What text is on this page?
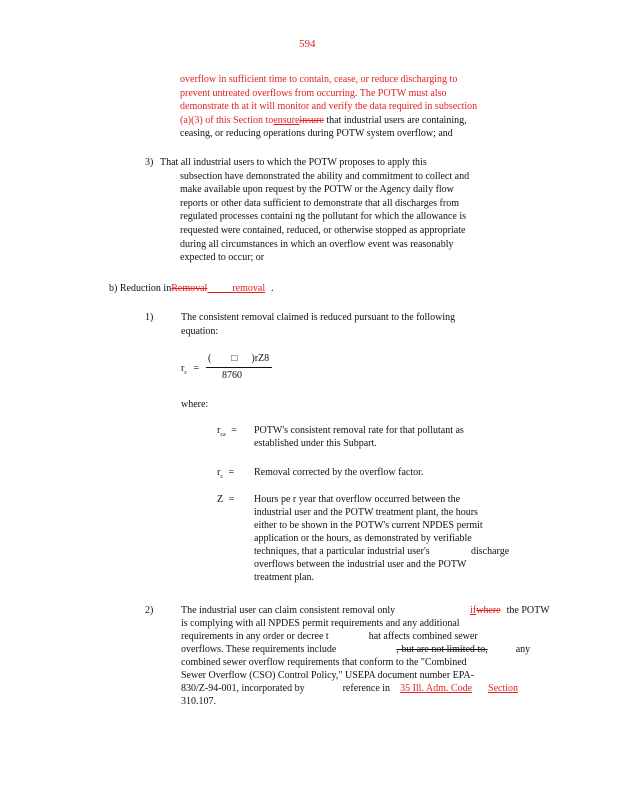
594
overflow in sufficient time to contain, cease, or reduce discharging to
prevent untreated overflows from occurring. The POTW must also
demonstrate th at it will monitor and verify the data required in subsection
(a)(3) of this Section toensureinsure that industrial users are containing,
ceasing, or reducing operations during POTW system overflow; and
3) That all industrial users to which the POTW proposes to apply this
subsection have demonstrated the ability and commitment to collect and
make available upon request by the POTW or the Agency daily flow
reports or other data sufficient to demonstrate that all discharges from
regulated processes containi ng the pollutant for which the allowance is
requested were contained, reduced, or otherwise stopped as appropriate
during all circumstances in which an overflow event was reasonably
expected to occur; or
b) Reduction inRemoval	removal .
1)	The consistent removal claimed is reduced pursuant to the following
equation:
$r_c$ =
( □ )rZ8
8760
where:
$r_{ca}$ = POTW's consistent removal rate for that pollutant as
established under this Subpart.
$r_c$ = Removal corrected by the overflow factor.
Z = Hours pe r year that overflow occurred between the
industrial user and the POTW treatment plant, the hours
either to be shown in the POTW's current NPDES permit
application or the hours, as demonstrated by verifiable
techniques, that a particular industrial user's
overflows between the industrial user and the POTW
treatment plan.
discharge
2)	The industrial user can claim consistent removal only	ifwhere the POTW
is complying with all NPDES permit requirements and any additional
requirements in any order or decree t	hat affects combined sewer
overflows. These requirements include	, but are not limited to,	any
combined sewer overflow requirements that conform to the "Combined
Sewer Overflow (CSO) Control Policy," USEPA document number EPA-
830/Z-94-001, incorporated by	reference in 35 Ill. Adm. Code Section
310.107.
